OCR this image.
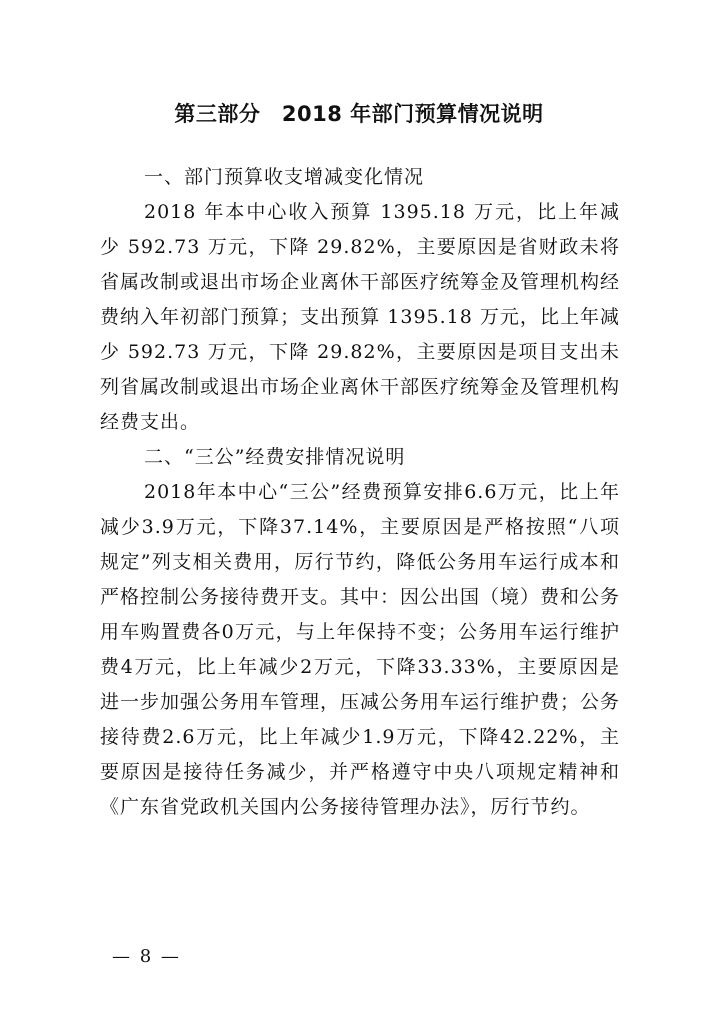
第三部分　2018 年部门预算情况说明

一、部门预算收支增减变化情况

2018 年本中心收入预算 1395.18 万元，比上年减少 592.73 万元，下降 29.82%，主要原因是省财政未将省属改制或退出市场企业离休干部医疗统筹金及管理机构经费纳入年初部门预算；支出预算 1395.18 万元，比上年减少 592.73 万元，下降 29.82%，主要原因是项目支出未列省属改制或退出市场企业离休干部医疗统筹金及管理机构经费支出。

二、“三公”经费安排情况说明

2018年本中心“三公”经费预算安排6.6万元，比上年减少3.9万元，下降37.14%，主要原因是严格按照“八项规定”列支相关费用，厉行节约，降低公务用车运行成本和严格控制公务接待费开支。其中：因公出国（境）费和公务用车购置费各0万元，与上年保持不变；公务用车运行维护费4万元，比上年减少2万元，下降33.33%，主要原因是进一步加强公务用车管理，压减公务用车运行维护费；公务接待费2.6万元，比上年减少1.9万元，下降42.22%，主要原因是接待任务减少，并严格遵守中央八项规定精神和《广东省党政机关国内公务接待管理办法》，厉行节约。

— 8 —
